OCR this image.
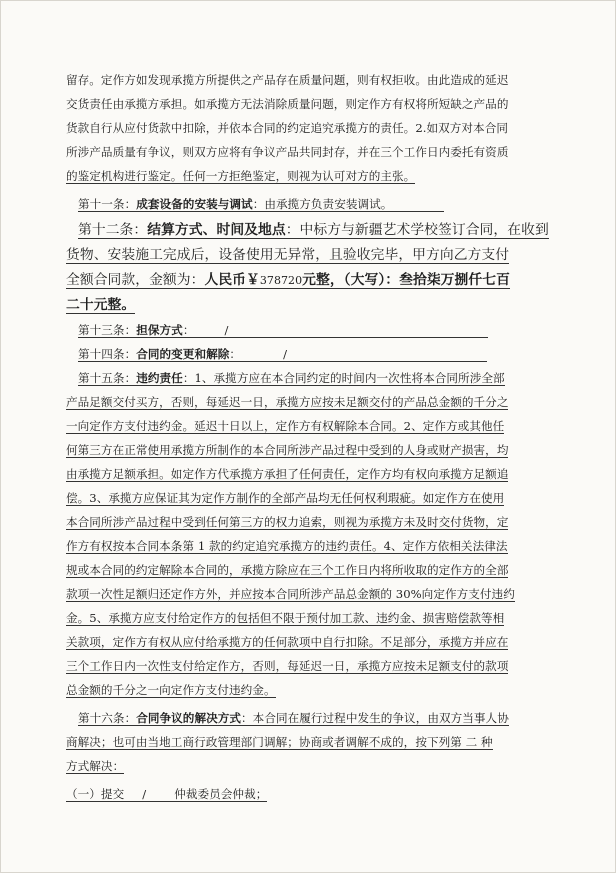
留存。定作方如发现承揽方所提供之产品存在质量问题，则有权拒收。由此造成的延迟

交货责任由承揽方承担。如承揽方无法消除质量问题，则定作方有权将所短缺之产品的

货款自行从应付货款中扣除，并依本合同的约定追究承揽方的责任。2.如双方对本合同

所涉产品质量有争议，则双方应将有争议产品共同封存，并在三个工作日内委托有资质

的鉴定机构进行鉴定。任何一方拒绝鉴定，则视为认可对方的主张。

第十一条：成套设备的安装与调试：由承揽方负责安装调试。

第十二条：结算方式、时间及地点：中标方与新疆艺术学校签订合同，在收到

货物、安装施工完成后，设备使用无异常，且验收完毕，甲方向乙方支付

全额合同款，金额为：人民币￥378720元整，（大写）：叁拾柒万捌仟七百

二十元整。

第十三条：担保方式：	/

第十四条：合同的变更和解除：	/

第十五条：违约责任：1、承揽方应在本合同约定的时间内一次性将本合同所涉全部

产品足额交付买方，否则，每延迟一日，承揽方应按未足额交付的产品总金额的千分之

一向定作方支付违约金。延迟十日以上，定作方有权解除本合同。2、定作方或其他任

何第三方在正常使用承揽方所制作的本合同所涉产品过程中受到的人身或财产损害，均

由承揽方足额承担。如定作方代承揽方承担了任何责任，定作方均有权向承揽方足额追

偿。3、承揽方应保证其为定作方制作的全部产品均无任何权利瑕疵。如定作方在使用

本合同所涉产品过程中受到任何第三方的权力追索，则视为承揽方未及时交付货物，定

作方有权按本合同本条第 1 款的约定追究承揽方的违约责任。4、定作方依相关法律法

规或本合同的约定解除本合同的，承揽方除应在三个工作日内将所收取的定作方的全部

款项一次性足额归还定作方外，并应按本合同所涉产品总金额的 30%向定作方支付违约

金。5、承揽方应支付给定作方的包括但不限于预付加工款、违约金、损害赔偿款等相

关款项，定作方有权从应付给承揽方的任何款项中自行扣除。不足部分，承揽方并应在

三个工作日内一次性支付给定作方，否则，每延迟一日，承揽方应按未足额支付的款项

总金额的千分之一向定作方支付违约金。

第十六条：合同争议的解决方式：本合同在履行过程中发生的争议，由双方当事人协

商解决；也可由当地工商行政管理部门调解；协商或者调解不成的，按下列第 二 种

方式解决：

（一）提交 / 仲裁委员会仲裁；
